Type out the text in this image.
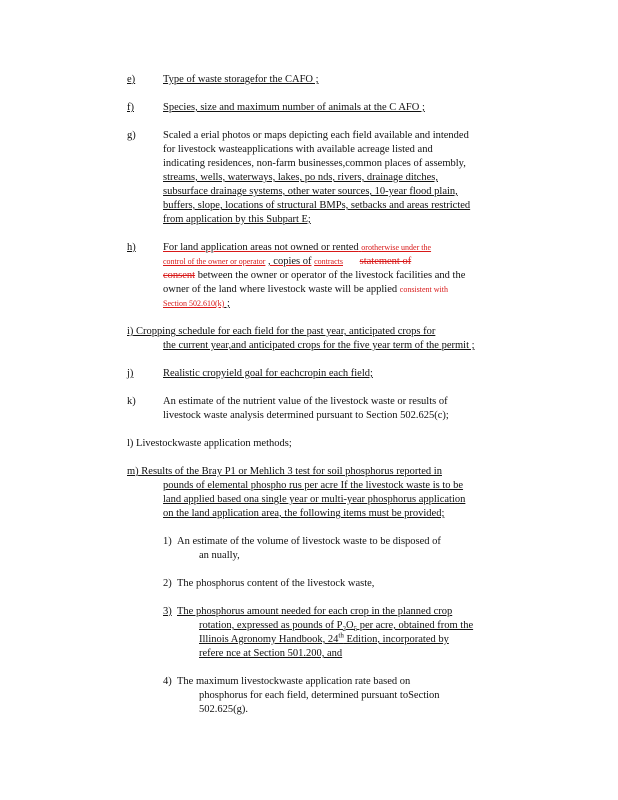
e)	Type of waste storagefor the CAFO ;
f)	Species, size and maximum number of animals at the C AFO ;
g)	Scaled a erial photos or maps depicting each field available and intended
for livestock wasteapplications with available acreage listed and
indicating residences, non-farm businesses,common places of assembly,
streams, wells, waterways, lakes, po nds, rivers, drainage ditches,
subsurface drainage systems, other water sources, 10-year flood plain,
buffers, slope, locations of structural BMPs, setbacks and areas restricted
from application by this Subpart E;
h)	For land application areas not owned or rented orotherwise under the
control of the owner or operator , copies of contracts statement of
consent between the owner or operator of the livestock facilities and the
owner of the land where livestock waste will be applied consistent with
Section 502.610(k) ;
i) Cropping schedule for each field for the past year, anticipated crops for
the current year,and anticipated crops for the five year term of the permit ;
j)	Realistic cropyield goal for eachcropin each field;
k)	An estimate of the nutrient value of the livestock waste or results of
livestock waste analysis determined pursuant to Section 502.625(c);
l) Livestockwaste application methods;
m) Results of the Bray P1 or Mehlich 3 test for soil phosphorus reported in
pounds of elemental phospho rus per acre If the livestock waste is to be
land applied based ona single year or multi-year phosphorus application
on the land application area, the following items must be provided;
1) An estimate of the volume of livestock waste to be disposed of
an nually,
2) The phosphorus content of the livestock waste,
3) The phosphorus amount needed for each crop in the planned crop
rotation, expressed as pounds of $P_2O_5$ per acre, obtained from the
Illinois Agronomy Handbook, 24th Edition, incorporated by
refere nce at Section 501.200, and
4) The maximum livestockwaste application rate based on
phosphorus for each field, determined pursuant toSection
502.625(g).
